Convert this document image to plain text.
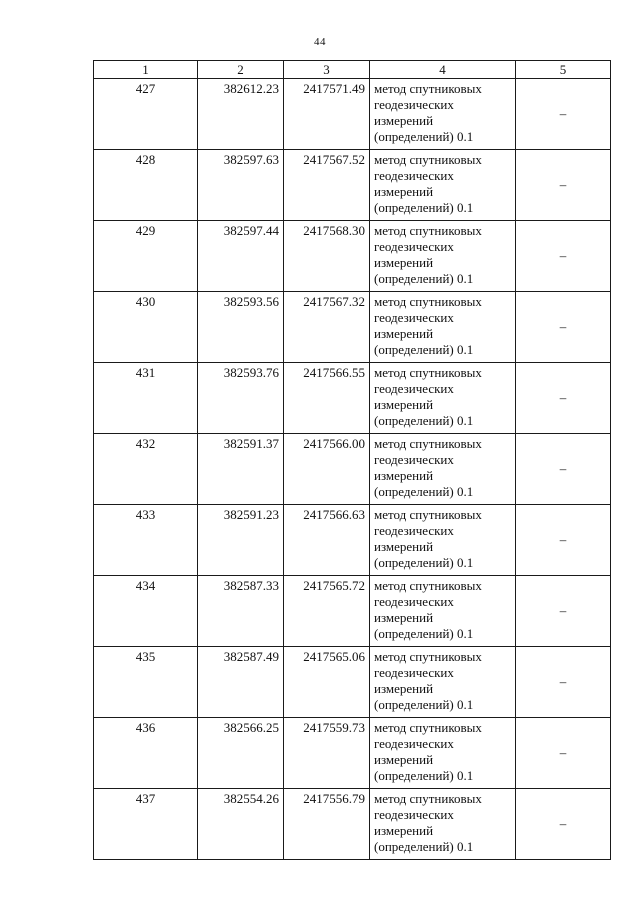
44
1	2	3	4	5
427	382612.23	2417571.49	метод спутниковых
геодезических
измерений
(определений) 0.1	–
428	382597.63	2417567.52	метод спутниковых
геодезических
измерений
(определений) 0.1	–
429	382597.44	2417568.30	метод спутниковых
геодезических
измерений
(определений) 0.1	–
430	382593.56	2417567.32	метод спутниковых
геодезических
измерений
(определений) 0.1	–
431	382593.76	2417566.55	метод спутниковых
геодезических
измерений
(определений) 0.1	–
432	382591.37	2417566.00	метод спутниковых
геодезических
измерений
(определений) 0.1	–
433	382591.23	2417566.63	метод спутниковых
геодезических
измерений
(определений) 0.1	–
434	382587.33	2417565.72	метод спутниковых
геодезических
измерений
(определений) 0.1	–
435	382587.49	2417565.06	метод спутниковых
геодезических
измерений
(определений) 0.1	–
436	382566.25	2417559.73	метод спутниковых
геодезических
измерений
(определений) 0.1	–
437	382554.26	2417556.79	метод спутниковых
геодезических
измерений
(определений) 0.1	–
